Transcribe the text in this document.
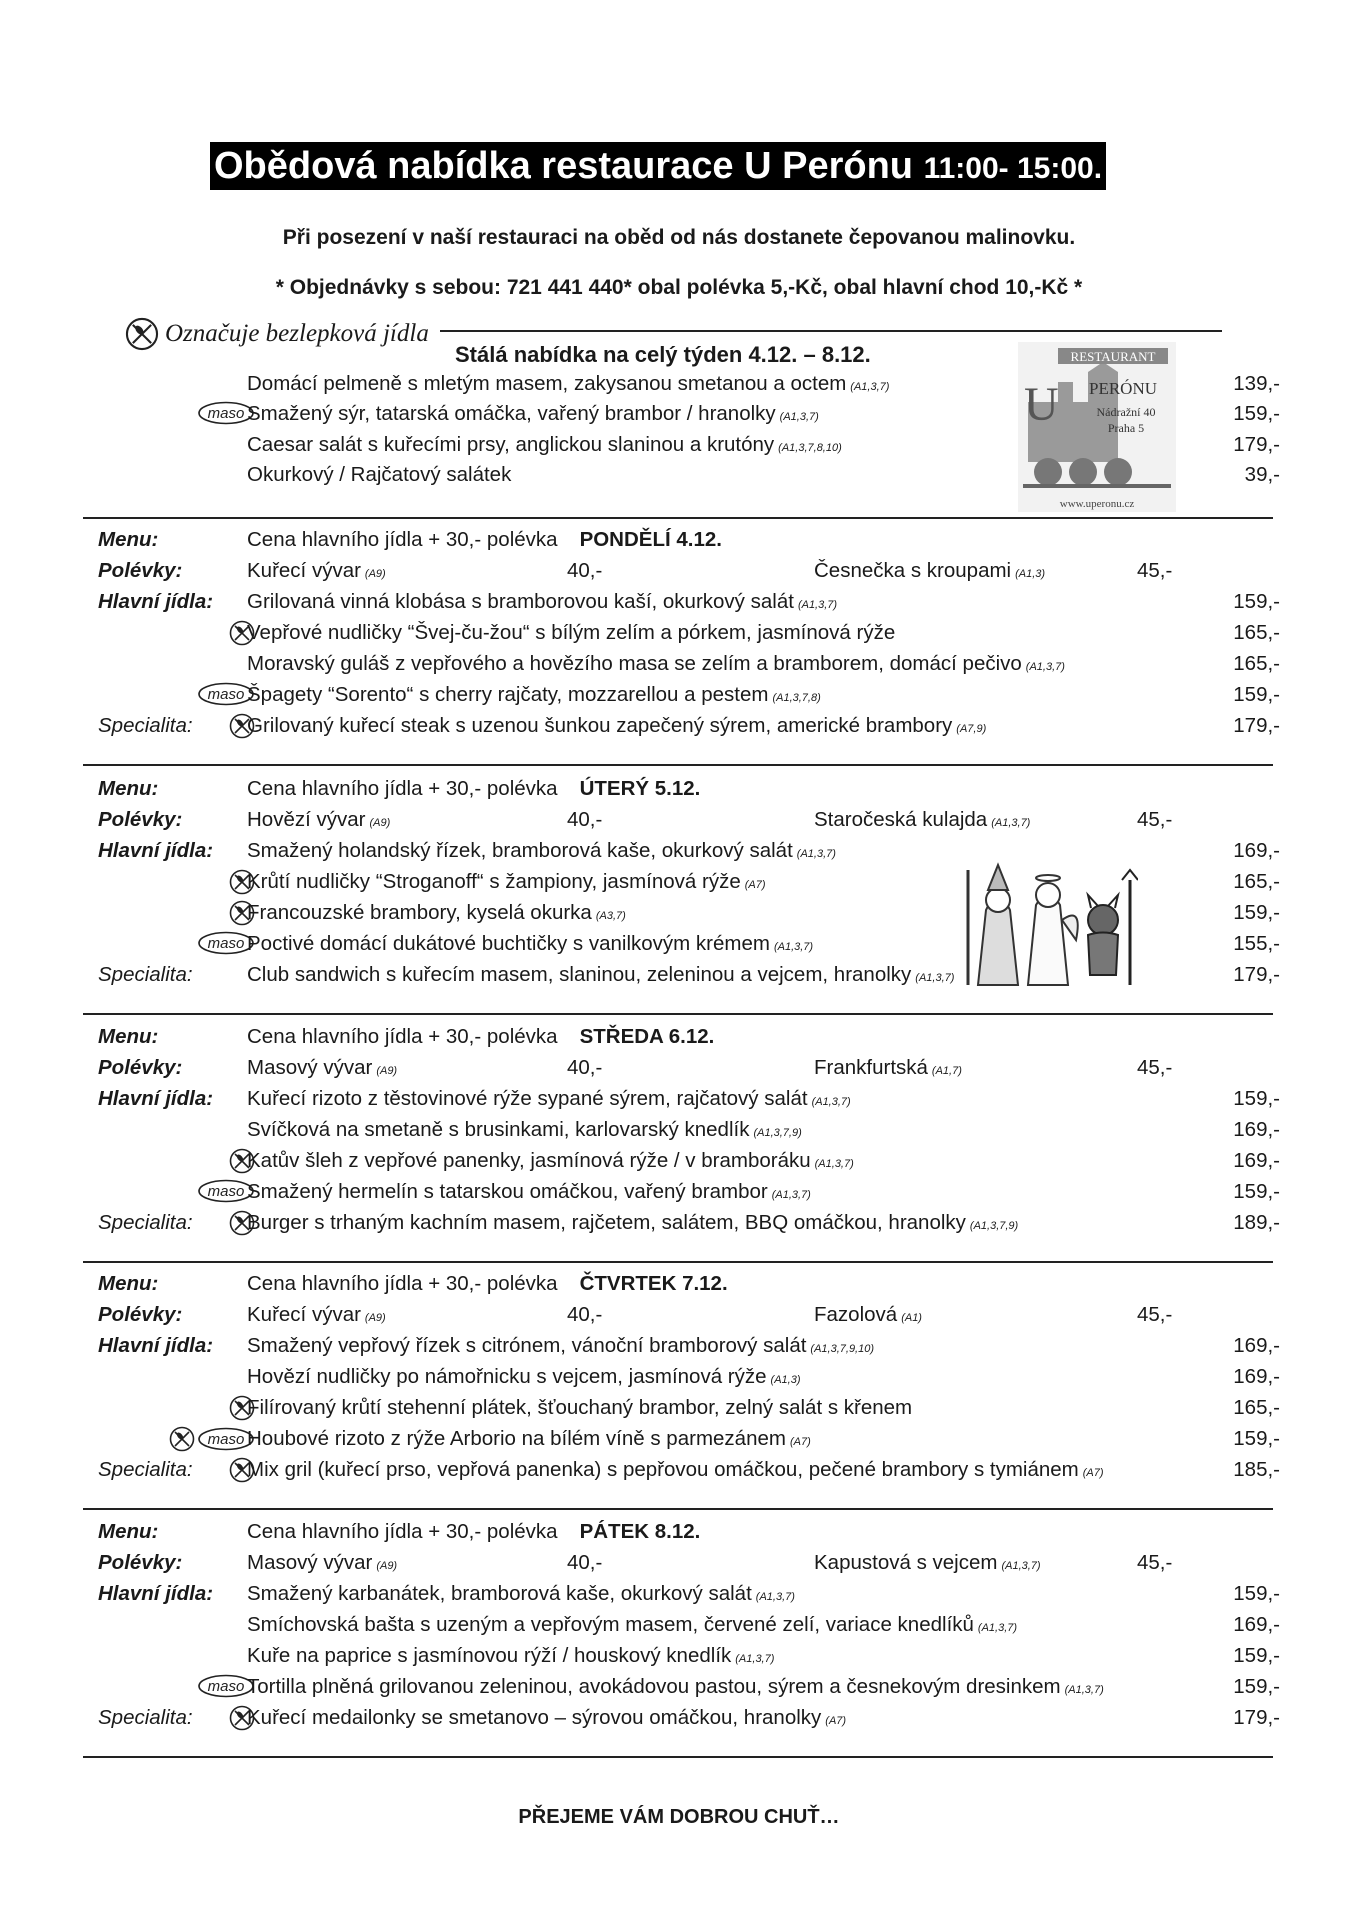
Obědová nabídka restaurace U Perónu 11:00- 15:00.
Při posezení v naší restauraci na oběd od nás dostanete čepovanou malinovku.
* Objednávky s sebou: 721 441 440* obal polévka 5,-Kč, obal hlavní chod 10,-Kč *
Označuje bezlepková jídla
Stálá nabídka na celý týden 4.12. – 8.12.	RESTAURANT
U PERÓNU
Nádražní 40
Praha 5
www.uperonu.cz
Domácí pelmeně s mletým masem, zakysanou smetanou a octem (A1,3,7)	139,-
maso Smažený sýr, tatarská omáčka, vařený brambor / hranolky (A1,3,7)	159,-
Caesar salát s kuřecími prsy, anglickou slaninou a krutóny (A1,3,7,8,10)	179,-
Okurkový / Rajčatový salátek	39,-
Menu:	Cena hlavního jídla + 30,- polévka PONDĚLÍ 4.12.
Polévky:	Kuřecí vývar (A9)	40,-	Česnečka s kroupami (A1,3)	45,-
Hlavní jídla: Grilovaná vinná klobása s bramborovou kaší, okurkový salát (A1,3,7)	159,-
Vepřové nudličky “Švej-ču-žou“ s bílým zelím a pórkem, jasmínová rýže	165,-
Moravský guláš z vepřového a hovězího masa se zelím a bramborem, domácí pečivo (A1,3,7)	165,-
maso Špagety “Sorento“ s cherry rajčaty, mozzarellou a pestem (A1,3,7,8)	159,-
Specialita:	Grilovaný kuřecí steak s uzenou šunkou zapečený sýrem, americké brambory (A7,9)	179,-
Menu:	Cena hlavního jídla + 30,- polévka ÚTERÝ 5.12.
Polévky:	Hovězí vývar (A9)	40,-	Staročeská kulajda (A1,3,7)	45,-
Hlavní jídla: Smažený holandský řízek, bramborová kaše, okurkový salát (A1,3,7)	169,-
Krůtí nudličky “Stroganoff“ s žampiony, jasmínová rýže (A7)	165,-
Francouzské brambory, kyselá okurka (A3,7)	159,-
maso Poctivé domácí dukátové buchtičky s vanilkovým krémem (A1,3,7)	155,-
Specialita:	Club sandwich s kuřecím masem, slaninou, zeleninou a vejcem, hranolky (A1,3,7)	179,-
Menu:	Cena hlavního jídla + 30,- polévka STŘEDA 6.12.
Polévky:	Masový vývar (A9)	40,-	Frankfurtská (A1,7)	45,-
Hlavní jídla: Kuřecí rizoto z těstovinové rýže sypané sýrem, rajčatový salát (A1,3,7)	159,-
Svíčková na smetaně s brusinkami, karlovarský knedlík (A1,3,7,9)	169,-
Katův šleh z vepřové panenky, jasmínová rýže / v bramboráku (A1,3,7)	169,-
maso Smažený hermelín s tatarskou omáčkou, vařený brambor (A1,3,7)	159,-
Specialita:	Burger s trhaným kachním masem, rajčetem, salátem, BBQ omáčkou, hranolky (A1,3,7,9)	189,-
Menu:	Cena hlavního jídla + 30,- polévka ČTVRTEK 7.12.
Polévky:	Kuřecí vývar (A9)	40,-	Fazolová (A1)	45,-
Hlavní jídla: Smažený vepřový řízek s citrónem, vánoční bramborový salát (A1,3,7,9,10)	169,-
Hovězí nudličky po námořnicku s vejcem, jasmínová rýže (A1,3)	169,-
Filírovaný krůtí stehenní plátek, šťouchaný brambor, zelný salát s křenem	165,-
maso Houbové rizoto z rýže Arborio na bílém víně s parmezánem (A7)	159,-
Specialita:	Mix gril (kuřecí prso, vepřová panenka) s pepřovou omáčkou, pečené brambory s tymiánem (A7)	185,-
Menu:	Cena hlavního jídla + 30,- polévka PÁTEK 8.12.
Polévky:	Masový vývar (A9)	40,-	Kapustová s vejcem (A1,3,7)	45,-
Hlavní jídla: Smažený karbanátek, bramborová kaše, okurkový salát (A1,3,7)	159,-
Smíchovská bašta s uzeným a vepřovým masem, červené zelí, variace knedlíků (A1,3,7)	169,-
Kuře na paprice s jasmínovou rýží / houskový knedlík (A1,3,7)	159,-
maso Tortilla plněná grilovanou zeleninou, avokádovou pastou, sýrem a česnekovým dresinkem (A1,3,7)	159,-
Specialita:	Kuřecí medailonky se smetanovo – sýrovou omáčkou, hranolky (A7)	179,-
PŘEJEME VÁM DOBROU CHUŤ…
